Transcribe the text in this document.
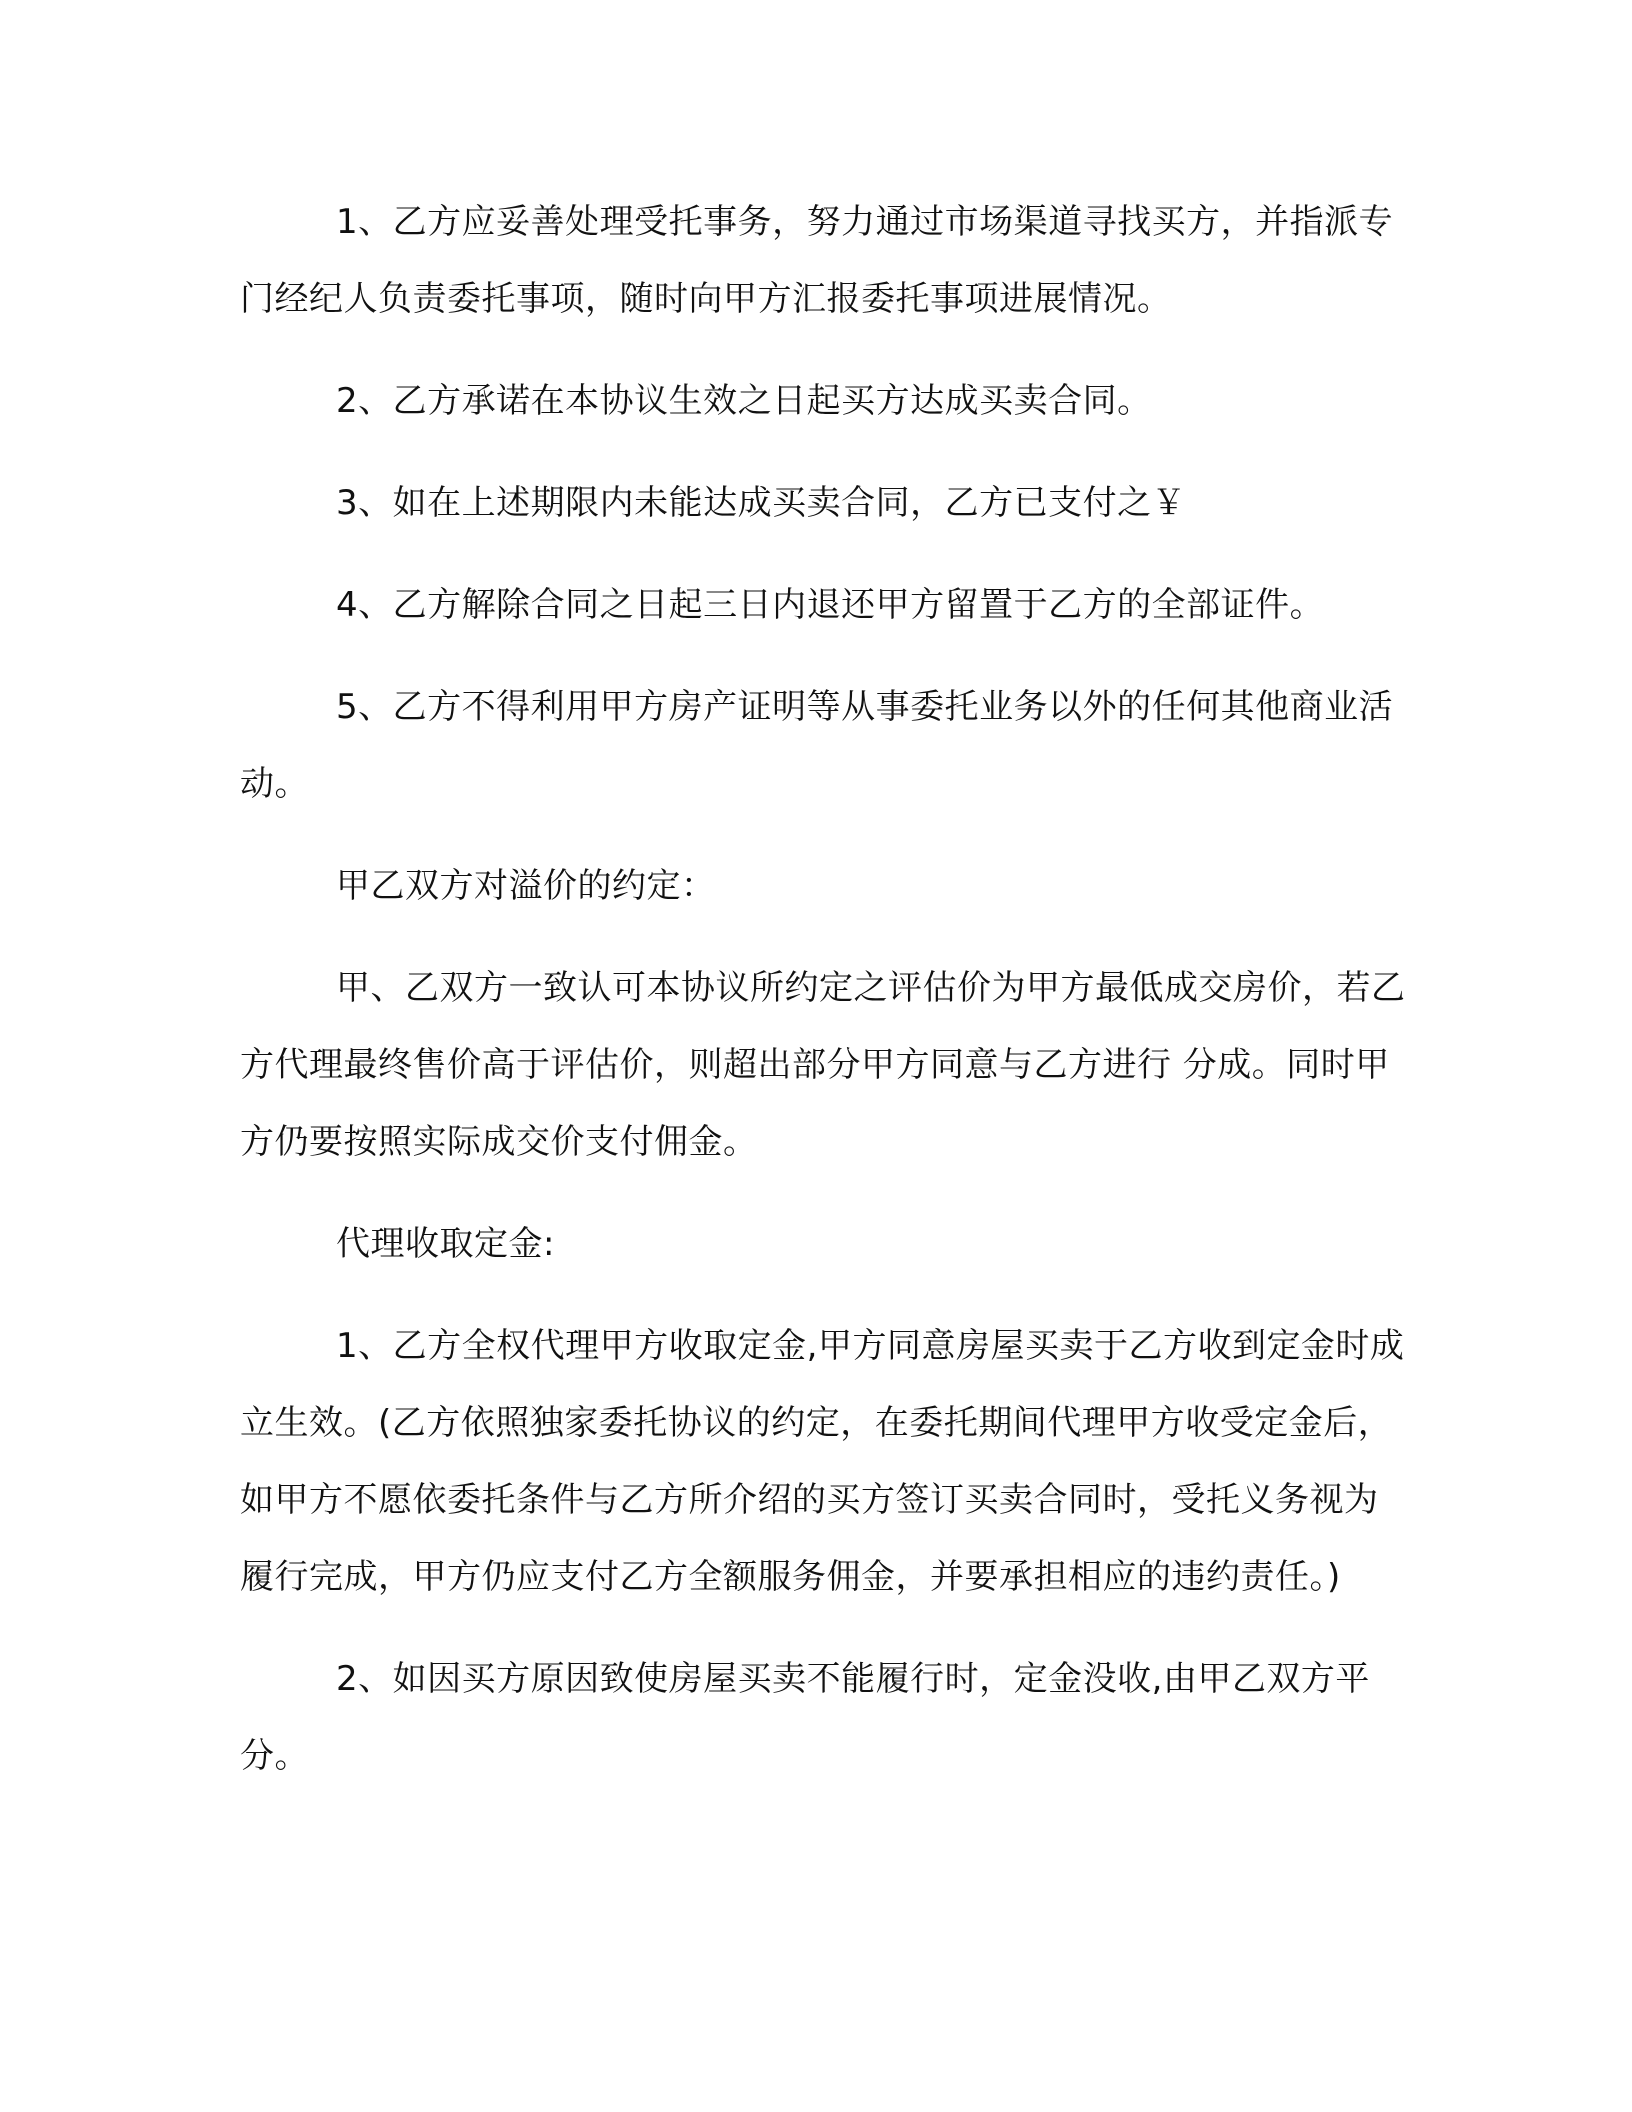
1、乙方应妥善处理受托事务，努力通过市场渠道寻找买方，并指派专门经纪人负责委托事项，随时向甲方汇报委托事项进展情况。

2、乙方承诺在本协议生效之日起买方达成买卖合同。

3、如在上述期限内未能达成买卖合同，乙方已支付之￥

4、乙方解除合同之日起三日内退还甲方留置于乙方的全部证件。

5、乙方不得利用甲方房产证明等从事委托业务以外的任何其他商业活动。

甲乙双方对溢价的约定：

甲、乙双方一致认可本协议所约定之评估价为甲方最低成交房价，若乙方代理最终售价高于评估价，则超出部分甲方同意与乙方进行 分成。同时甲方仍要按照实际成交价支付佣金。

代理收取定金:

1、乙方全权代理甲方收取定金,甲方同意房屋买卖于乙方收到定金时成立生效。(乙方依照独家委托协议的约定，在委托期间代理甲方收受定金后，如甲方不愿依委托条件与乙方所介绍的买方签订买卖合同时，受托义务视为履行完成，甲方仍应支付乙方全额服务佣金，并要承担相应的违约责任。)

2、如因买方原因致使房屋买卖不能履行时，定金没收,由甲乙双方平分。
